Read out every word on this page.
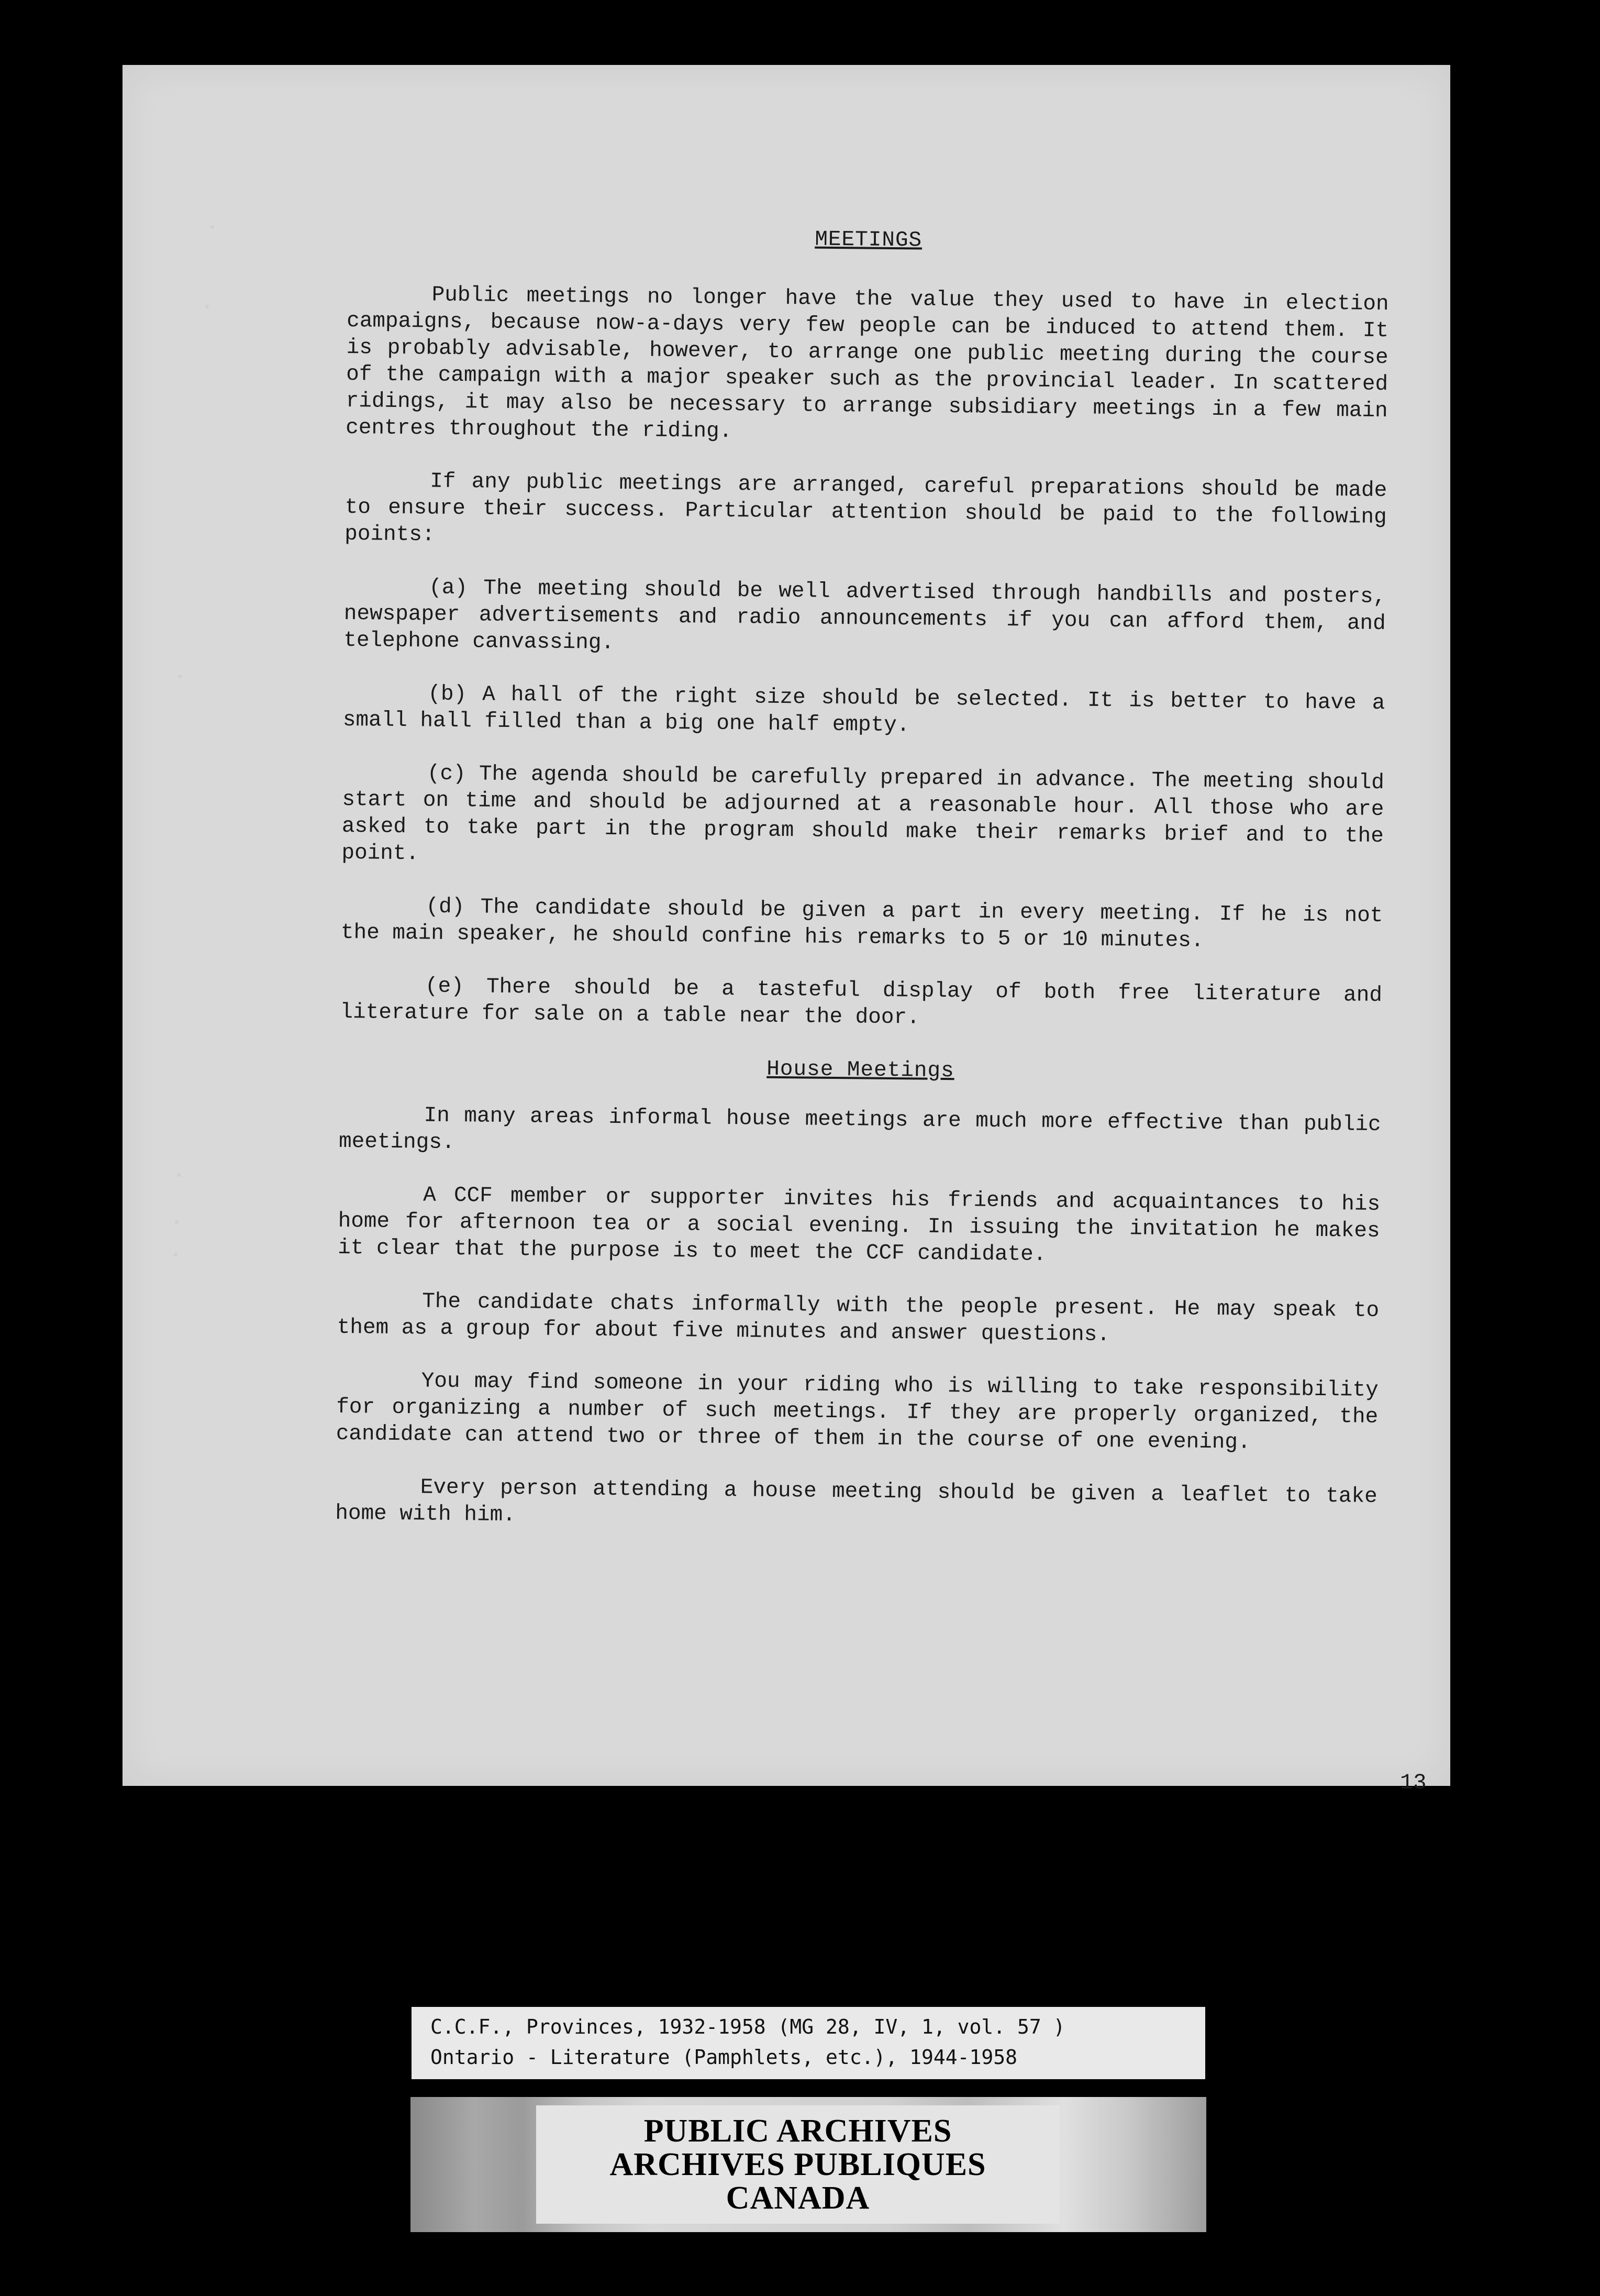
MEETINGS

Public meetings no longer have the value they used to have in election campaigns, because now-a-days very few people can be induced to attend them. It is probably advisable, however, to arrange one public meeting during the course of the campaign with a major speaker such as the provincial leader. In scattered ridings, it may also be necessary to arrange subsidiary meetings in a few main centres throughout the riding.

If any public meetings are arranged, careful preparations should be made to ensure their success. Particular attention should be paid to the following points:

(a) The meeting should be well advertised through handbills and posters, newspaper advertisements and radio announcements if you can afford them, and telephone canvassing.

(b) A hall of the right size should be selected. It is better to have a small hall filled than a big one half empty.

(c) The agenda should be carefully prepared in advance. The meeting should start on time and should be adjourned at a reasonable hour. All those who are asked to take part in the program should make their remarks brief and to the point.

(d) The candidate should be given a part in every meeting. If he is not the main speaker, he should confine his remarks to 5 or 10 minutes.

(e) There should be a tasteful display of both free literature and literature for sale on a table near the door.

House Meetings

In many areas informal house meetings are much more effective than public meetings.

A CCF member or supporter invites his friends and acquaintances to his home for afternoon tea or a social evening. In issuing the invitation he makes it clear that the purpose is to meet the CCF candidate.

The candidate chats informally with the people present. He may speak to them as a group for about five minutes and answer questions.

You may find someone in your riding who is willing to take responsibility for organizing a number of such meetings. If they are properly organized, the candidate can attend two or three of them in the course of one evening.

Every person attending a house meeting should be given a leaflet to take home with him.

13
C.C.F., Provinces, 1932-1958 (MG 28, IV, 1, vol. 57 )
Ontario - Literature (Pamphlets, etc.), 1944-1958
PUBLIC ARCHIVES
ARCHIVES PUBLIQUES
CANADA
